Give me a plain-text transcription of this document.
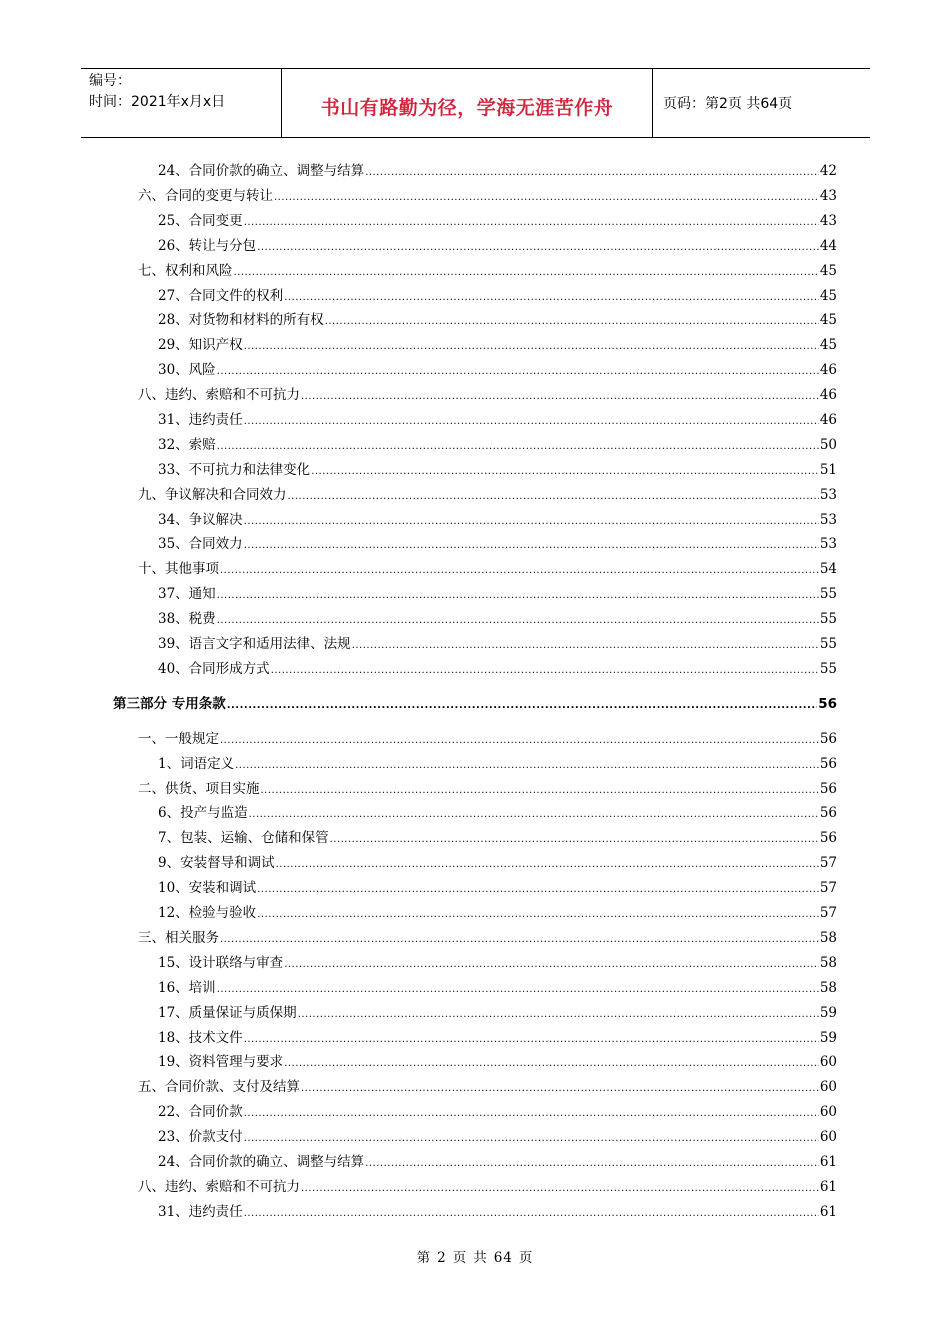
编号：
时间：2021年x月x日	书山有路勤为径，学海无涯苦作舟	页码：第2页 共64页
24、合同价款的确立、调整与结算 .....	42
六、合同的变更与转让 .....	43
25、合同变更 .....	43
26、转让与分包 .....	44
七、权利和风险 .....	45
27、合同文件的权利 .....	45
28、对货物和材料的所有权 .....	45
29、知识产权 .....	45
30、风险 .....	46
八、违约、索赔和不可抗力 .....	46
31、违约责任 .....	46
32、索赔 .....	50
33、不可抗力和法律变化 .....	51
九、争议解决和合同效力 .....	53
34、争议解决 .....	53
35、合同效力 .....	53
十、其他事项 .....	54
37、通知 .....	55
38、税费 .....	55
39、语言文字和适用法律、法规 .....	55
40、合同形成方式 .....	55
第三部分 专用条款 .....	56
一、一般规定 .....	56
1、词语定义 .....	56
二、供货、项目实施 .....	56
6、投产与监造 .....	56
7、包装、运输、仓储和保管 .....	56
9、安装督导和调试 .....	57
10、安装和调试 .....	57
12、检验与验收 .....	57
三、相关服务 .....	58
15、设计联络与审查 .....	58
16、培训 .....	58
17、质量保证与质保期 .....	59
18、技术文件 .....	59
19、资料管理与要求 .....	60
五、合同价款、支付及结算 .....	60
22、合同价款 .....	60
23、价款支付 .....	60
24、合同价款的确立、调整与结算 .....	61
八、违约、索赔和不可抗力 .....	61
31、违约责任 .....	61
第 2 页 共 64 页
